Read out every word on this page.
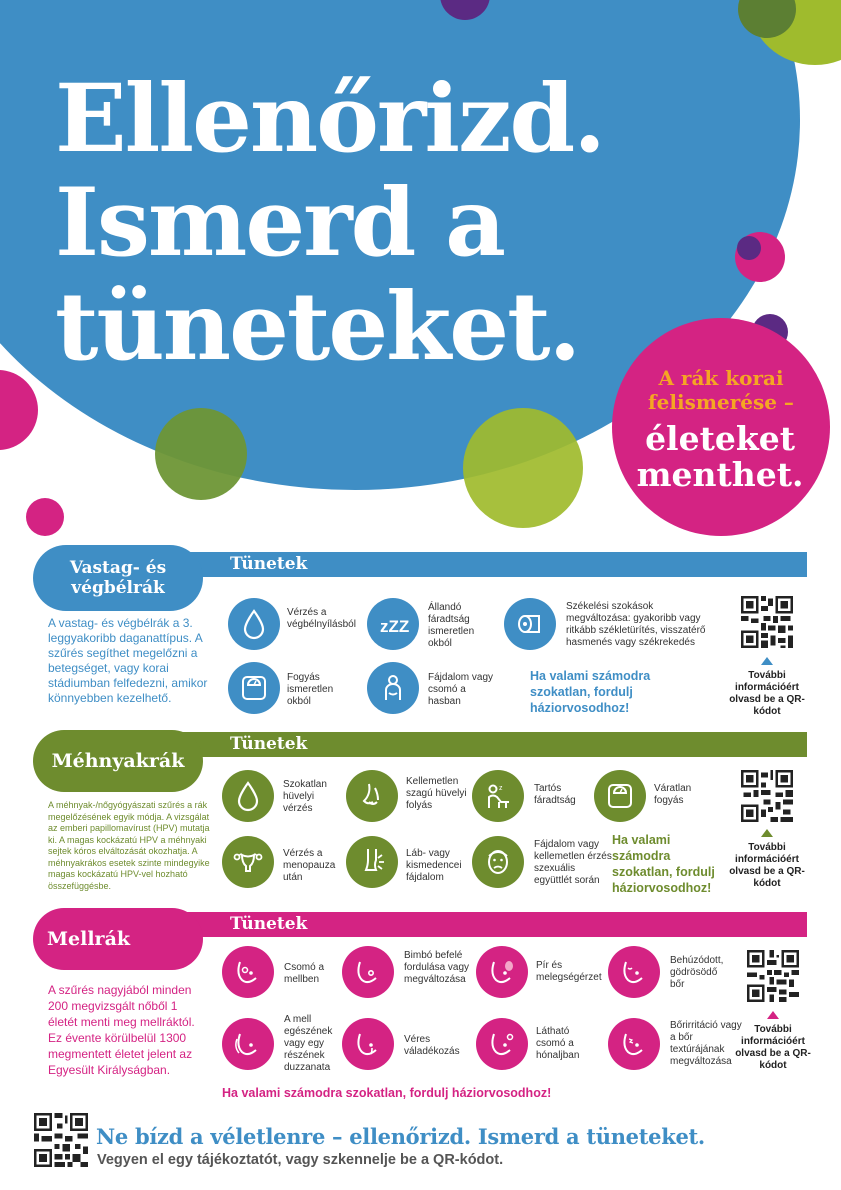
Ellenőrizd.
Ismerd a
tüneteket.	A rák korai
felismerése –
életeket
menthet.
Tünetek
Vastag- és végbélrák
A vastag- és végbélrák a 3. leggyakoribb daganattípus. A szűrés segíthet megelőzni a betegséget, vagy korai stádiumban felfedezni, amikor könnyebben kezelhető.
Vérzés a végbélnyílásból	zZZ
Állandó fáradtság ismeretlen okból
Székelési szokások megváltozása: gyakoribb vagy ritkább székletürítés, visszatérő hasmenés vagy székrekedés
Fogyás ismeretlen okból
Fájdalom vagy csomó a hasban
Ha valami számodra szokatlan, fordulj háziorvosodhoz!
További információért olvasd be a QR-kódot
Tünetek
Méhnyakrák
A méhnyak-/nőgyógyászati szűrés a rák megelőzésének egyik módja. A vizsgálat az emberi papillomavírust (HPV) mutatja ki. A magas kockázatú HPV a méhnyaki sejtek kóros elváltozását okozhatja. A méhnyakrákos esetek szinte mindegyike magas kockázatú HPV-vel hozható összefüggésbe.
Szokatlan hüvelyi vérzés
Kellemetlen szagú hüvelyi folyás
z	Tartós fáradtság
Váratlan fogyás
Vérzés a menopauza után
Láb- vagy kismedencei fájdalom
Fájdalom vagy kellemetlen érzés szexuális együttlét során
Ha valami számodra szokatlan, fordulj háziorvosodhoz!
További információért olvasd be a QR-kódot
Tünetek
Mellrák
A szűrés nagyjából minden 200 megvizsgált nőből 1 életét menti meg mellráktól. Ez évente körülbelül 1300 megmentett életet jelent az Egyesült Királyságban.
Csomó a mellben
Bimbó befelé fordulása vagy megváltozása
Pír és melegségérzet
Behúzódott, gödrösödő bőr
A mell egészének vagy egy részének duzzanata
Véres váladékozás
Látható csomó a hónaljban
Bőrirritáció vagy a bőr textúrájának megváltozása
Ha valami számodra szokatlan, fordulj háziorvosodhoz!
További információért olvasd be a QR-kódot
Ne bízd a véletlenre – ellenőrizd. Ismerd a tüneteket.
Vegyen el egy tájékoztatót, vagy szkennelje be a QR-kódot.
